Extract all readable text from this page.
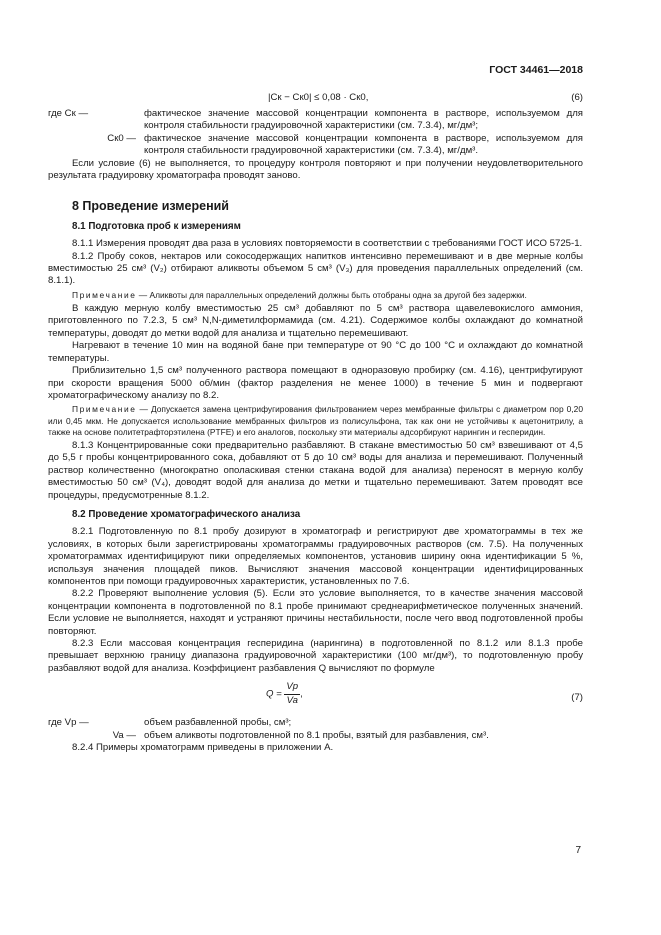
ГОСТ 34461—2018
|Cк − Cк0| ≤ 0,08 · Cк0,	(6)

где Cк —	фактическое значение массовой концентрации компонента в растворе, используемом для контроля стабильности градуировочной характеристики (см. 7.3.4), мг/дм³;

Cк0 — фактическое значение массовой концентрации компонента в растворе, используемом для контроля стабильности градуировочной характеристики (см. 7.3.4), мг/дм³.

Если условие (6) не выполняется, то процедуру контроля повторяют и при получении неудовлетворительного результата градуировку хроматографа проводят заново.

8 Проведение измерений

8.1 Подготовка проб к измерениям

8.1.1 Измерения проводят два раза в условиях повторяемости в соответствии с требованиями ГОСТ ИСО 5725-1.

8.1.2 Пробу соков, нектаров или сокосодержащих напитков интенсивно перемешивают и в две мерные колбы вместимостью 25 см³ (V₂) отбирают аликвоты объемом 5 см³ (V₃) для проведения параллельных определений (см. 8.1.1).

Примечание — Аликвоты для параллельных определений должны быть отобраны одна за другой без задержки.

В каждую мерную колбу вместимостью 25 см³ добавляют по 5 см³ раствора щавелевокислого аммония, приготовленного по 7.2.3, 5 см³ N,N-диметилформамида (см. 4.21). Содержимое колбы охлаждают до комнатной температуры, доводят до метки водой для анализа и тщательно перемешивают.

Нагревают в течение 10 мин на водяной бане при температуре от 90 °С до 100 °С и охлаждают до комнатной температуры.

Приблизительно 1,5 см³ полученного раствора помещают в одноразовую пробирку (см. 4.16), центрифугируют при скорости вращения 5000 об/мин (фактор разделения не менее 1000) в течение 5 мин и подвергают хроматографическому анализу по 8.2.

Примечание — Допускается замена центрифугирования фильтрованием через мембранные фильтры с диаметром пор 0,20 или 0,45 мкм. Не допускается использование мембранных фильтров из полисульфона, так как они не устойчивы к ацетонитрилу, а также на основе политетрафторэтилена (PTFE) и его аналогов, поскольку эти материалы адсорбируют нарингин и гесперидин.

8.1.3 Концентрированные соки предварительно разбавляют. В стакане вместимостью 50 см³ взвешивают от 4,5 до 5,5 г пробы концентрированного сока, добавляют от 5 до 10 см³ воды для анализа и перемешивают. Полученный раствор количественно (многократно ополаскивая стенки стакана водой для анализа) переносят в мерную колбу вместимостью 50 см³ (V₄), доводят водой для анализа до метки и тщательно перемешивают. Затем проводят все процедуры, предусмотренные 8.1.2.

8.2 Проведение хроматографического анализа

8.2.1 Подготовленную по 8.1 пробу дозируют в хроматограф и регистрируют две хроматограммы в тех же условиях, в которых были зарегистрированы хроматограммы градуировочных растворов (см. 7.5). На полученных хроматограммах идентифицируют пики определяемых компонентов, установив ширину окна идентификации 5 %, используя значения площадей пиков. Вычисляют значения массовой концентрации идентифицированных компонентов при помощи градуировочных характеристик, установленных по 7.6.

8.2.2 Проверяют выполнение условия (5). Если это условие выполняется, то в качестве значения массовой концентрации компонента в подготовленной по 8.1 пробе принимают среднеарифметическое полученных значений. Если условие не выполняется, находят и устраняют причины нестабильности, после чего ввод подготовленной пробы повторяют.

8.2.3 Если массовая концентрация гесперидина (нарингина) в подготовленной по 8.1.2 или 8.1.3 пробе превышает верхнюю границу диапазона градуировочной характеристики (100 мг/дм³), то подготовленную пробу разбавляют водой для анализа. Коэффициент разбавления Q вычисляют по формуле

$Q = \frac{Vp}{Va}$ ,	(7)

где Vp —	объем разбавленной пробы, см³;

Va — объем аликвоты подготовленной по 8.1 пробы, взятый для разбавления, см³.

8.2.4 Примеры хроматограмм приведены в приложении А.

7
